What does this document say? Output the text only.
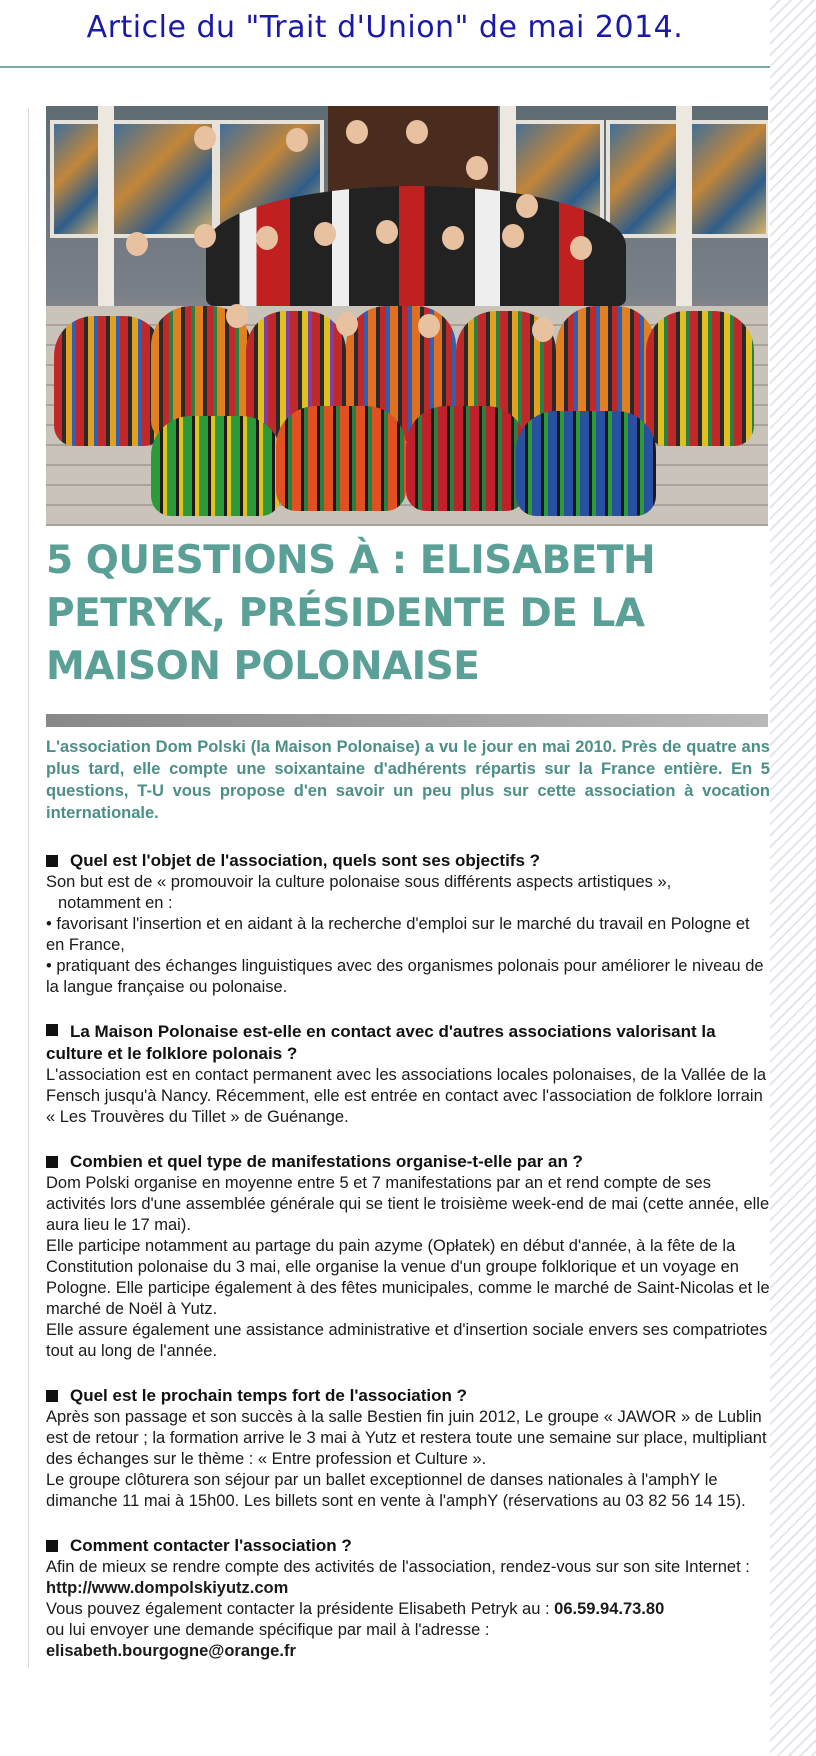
Article du "Trait d'Union" de mai 2014.
5 QUESTIONS À : ELISABETH
PETRYK, PRÉSIDENTE DE LA
MAISON POLONAISE

L'association Dom Polski (la Maison Polonaise) a vu le jour en mai 2010. Près de quatre ans plus tard, elle compte une soixantaine d'adhérents répartis sur la France entière. En 5 questions, T-U vous propose d'en savoir un peu plus sur cette association à vocation internationale.

Quel est l'objet de l'association, quels sont ses objectifs ?

Son but est de « promouvoir la culture polonaise sous différents aspects artistiques »,

notamment en :

• favorisant l'insertion et en aidant à la recherche d'emploi sur le marché du travail en Pologne et en France,

• pratiquant des échanges linguistiques avec des organismes polonais pour améliorer le niveau de la langue française ou polonaise.

La Maison Polonaise est-elle en contact avec d'autres associations valorisant la culture et le folklore polonais ?

L'association est en contact permanent avec les associations locales polonaises, de la Vallée de la Fensch jusqu'à Nancy. Récemment, elle est entrée en contact avec l'association de folklore lorrain « Les Trouvères du Tillet » de Guénange.

Combien et quel type de manifestations organise-t-elle par an ?

Dom Polski organise en moyenne entre 5 et 7 manifestations par an et rend compte de ses activités lors d'une assemblée générale qui se tient le troisième week-end de mai (cette année, elle aura lieu le 17 mai).

Elle participe notamment au partage du pain azyme (Opłatek) en début d'année, à la fête de la Constitution polonaise du 3 mai, elle organise la venue d'un groupe folklorique et un voyage en Pologne. Elle participe également à des fêtes municipales, comme le marché de Saint-Nicolas et le marché de Noël à Yutz.

Elle assure également une assistance administrative et d'insertion sociale envers ses compatriotes tout au long de l'année.

Quel est le prochain temps fort de l'association ?

Après son passage et son succès à la salle Bestien fin juin 2012, Le groupe « JAWOR » de Lublin est de retour ; la formation arrive le 3 mai à Yutz et restera toute une semaine sur place, multipliant des échanges sur le thème : « Entre profession et Culture ».

Le groupe clôturera son séjour par un ballet exceptionnel de danses nationales à l'amphY le dimanche 11 mai à 15h00. Les billets sont en vente à l'amphY (réservations au 03 82 56 14 15).

Comment contacter l'association ?

Afin de mieux se rendre compte des activités de l'association, rendez-vous sur son site Internet : http://www.dompolskiyutz.com

Vous pouvez également contacter la présidente Elisabeth Petryk au : 06.59.94.73.80

ou lui envoyer une demande spécifique par mail à l'adresse :

elisabeth.bourgogne@orange.fr
